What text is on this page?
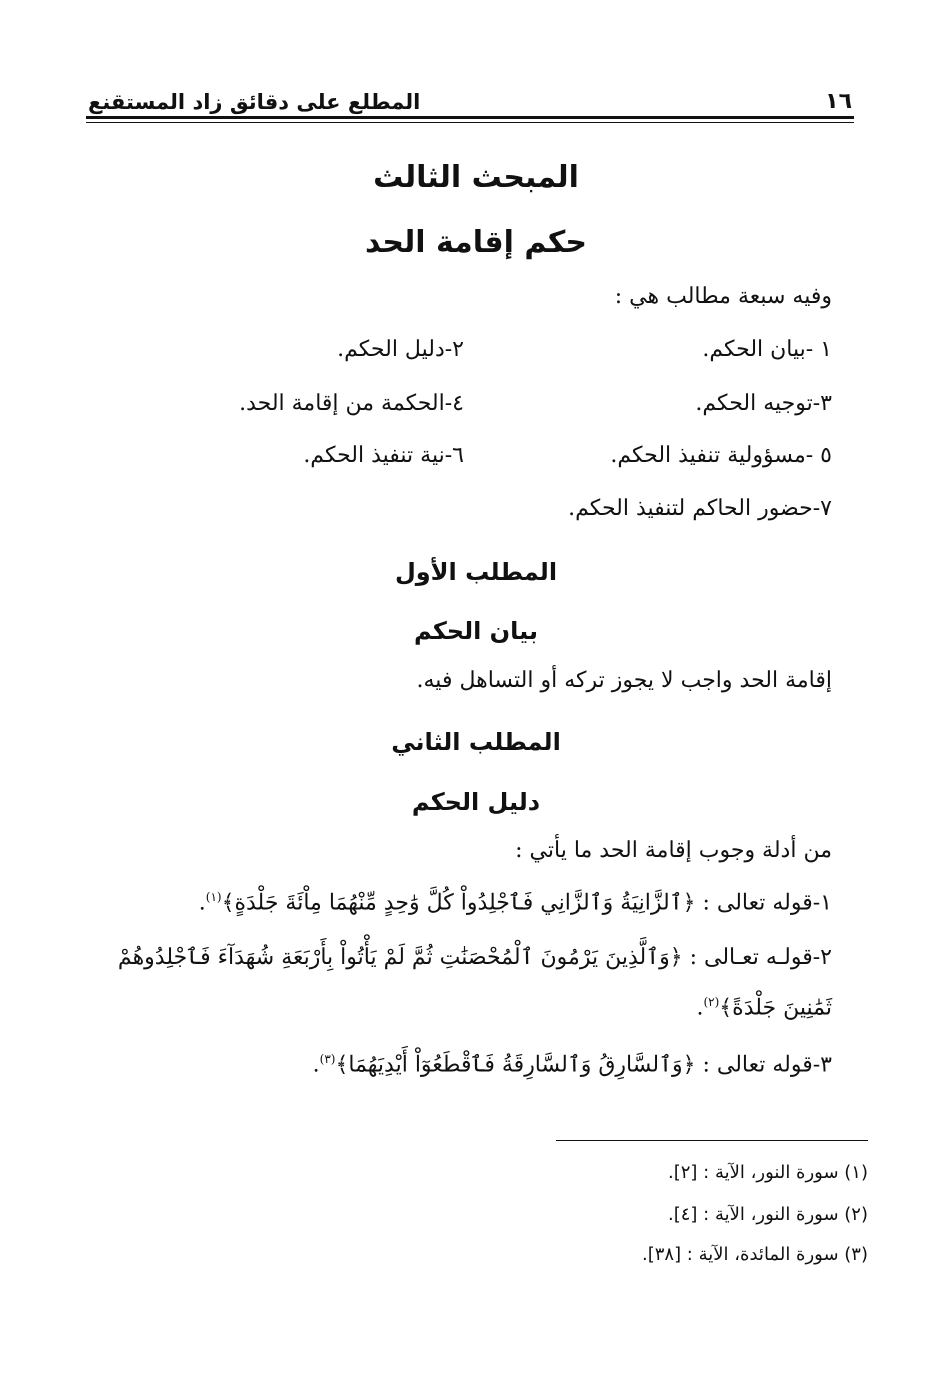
١٦
المطلع على دقائق زاد المستقنع
المبحث الثالث
حكم إقامة الحد
وفيه سبعة مطالب هي :
١ -بيان الحكم.
٢-دليل الحكم.
٣-توجيه الحكم.
٤-الحكمة من إقامة الحد.
٥ -مسؤولية تنفيذ الحكم.
٦-نية تنفيذ الحكم.
٧-حضور الحاكم لتنفيذ الحكم.
المطلب الأول
بيان الحكم
إقامة الحد واجب لا يجوز تركه أو التساهل فيه.
المطلب الثاني
دليل الحكم
من أدلة وجوب إقامة الحد ما يأتي :
١-قوله تعالى : ﴿ٱلزَّانِيَةُ وَٱلزَّانِي فَٱجْلِدُواْ كُلَّ وَٰحِدٍ مِّنْهُمَا مِاْئَةَ جَلْدَةٍ﴾$^{(١)}$.
٢-قولـه تعـالى : ﴿وَٱلَّذِينَ يَرْمُونَ ٱلْمُحْصَنَٰتِ ثُمَّ لَمْ يَأْتُواْ بِأَرْبَعَةِ شُهَدَآءَ فَٱجْلِدُوهُمْ
ثَمَٰنِينَ جَلْدَةً﴾$^{(٢)}$.
٣-قوله تعالى : ﴿وَٱلسَّارِقُ وَٱلسَّارِقَةُ فَٱقْطَعُوٓاْ أَيْدِيَهُمَا﴾$^{(٣)}$.
(١) سورة النور، الآية : [٢].
(٢) سورة النور، الآية : [٤].
(٣) سورة المائدة، الآية : [٣٨].
